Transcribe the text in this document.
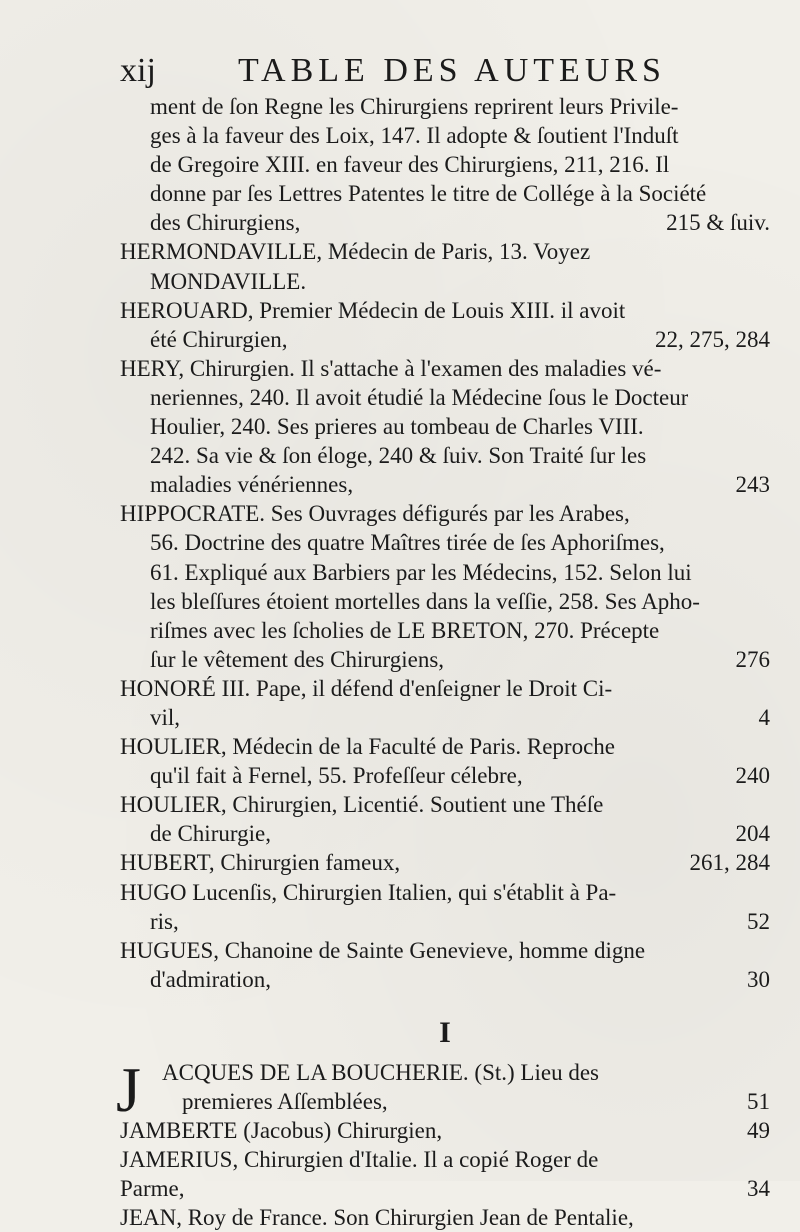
xij TABLE DES AUTEURS
ment de ſon Regne les Chirurgiens reprirent leurs Privile-
ges à la faveur des Loix, 147. Il adopte & ſoutient l'Induſt
de Gregoire XIII. en faveur des Chirurgiens, 211, 216. Il
donne par ſes Lettres Patentes le titre de Collége à la Société
des Chirurgiens,	215 & ſuiv.
HERMONDAVILLE, Médecin de Paris, 13. Voyez
MONDAVILLE.
HEROUARD, Premier Médecin de Louis XIII. il avoit
été Chirurgien,	22, 275, 284
HERY, Chirurgien. Il s'attache à l'examen des maladies vé-
neriennes, 240. Il avoit étudié la Médecine ſous le Docteur
Houlier, 240. Ses prieres au tombeau de Charles VIII.
242. Sa vie & ſon éloge, 240 & ſuiv. Son Traité ſur les
maladies vénériennes,	243
HIPPOCRATE. Ses Ouvrages défigurés par les Arabes,
56. Doctrine des quatre Maîtres tirée de ſes Aphoriſmes,
61. Expliqué aux Barbiers par les Médecins, 152. Selon lui
les bleſſures étoient mortelles dans la veſſie, 258. Ses Apho-
riſmes avec les ſcholies de LE BRETON, 270. Précepte
ſur le vêtement des Chirurgiens,	276
HONORÉ III. Pape, il défend d'enſeigner le Droit Ci-
vil,	4
HOULIER, Médecin de la Faculté de Paris. Reproche
qu'il fait à Fernel, 55. Profeſſeur célebre,	240
HOULIER, Chirurgien, Licentié. Soutient une Théſe
de Chirurgie,	204
HUBERT, Chirurgien fameux,	261, 284
HUGO Lucenſis, Chirurgien Italien, qui s'établit à Pa-
ris,	52
HUGUES, Chanoine de Sainte Genevieve, homme digne
d'admiration,	30
I
J ACQUES DE LA BOUCHERIE. (St.) Lieu des
premieres Aſſemblées,	51
JAMBERTE (Jacobus) Chirurgien,	49
JAMERIUS, Chirurgien d'Italie. Il a copié Roger de
Parme,	34
JEAN, Roy de France. Son Chirurgien Jean de Pentalie,
